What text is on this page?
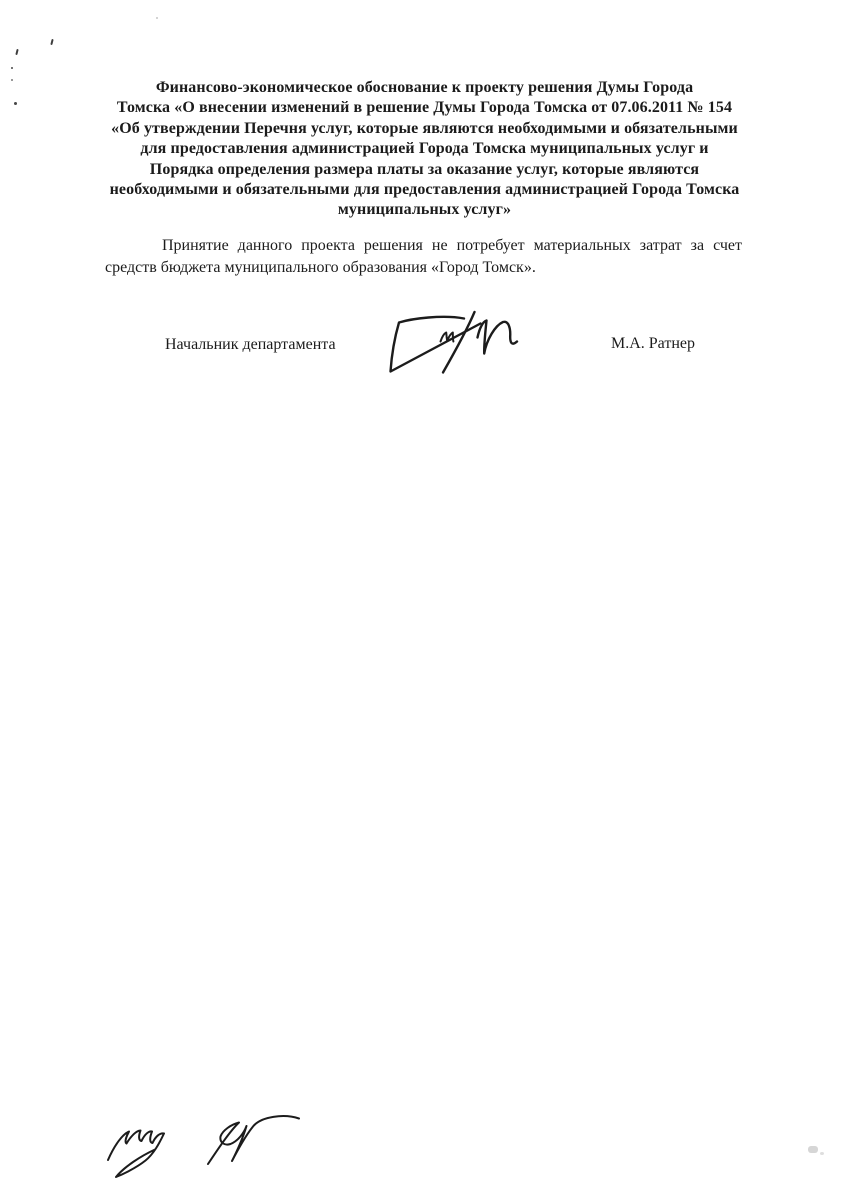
Финансово-экономическое обоснование к проекту решения Думы Города
Томска «О внесении изменений в решение Думы Города Томска от 07.06.2011 № 154
«Об утверждении Перечня услуг, которые являются необходимыми и обязательными
для предоставления администрацией Города Томска муниципальных услуг и
Порядка определения размера платы за оказание услуг, которые являются
необходимыми и обязательными для предоставления администрацией Города Томска
муниципальных услуг»
Принятие данного проекта решения не потребует материальных затрат за счет
средств бюджета муниципального образования «Город Томск».
Начальник департамента	М.А. Ратнер
